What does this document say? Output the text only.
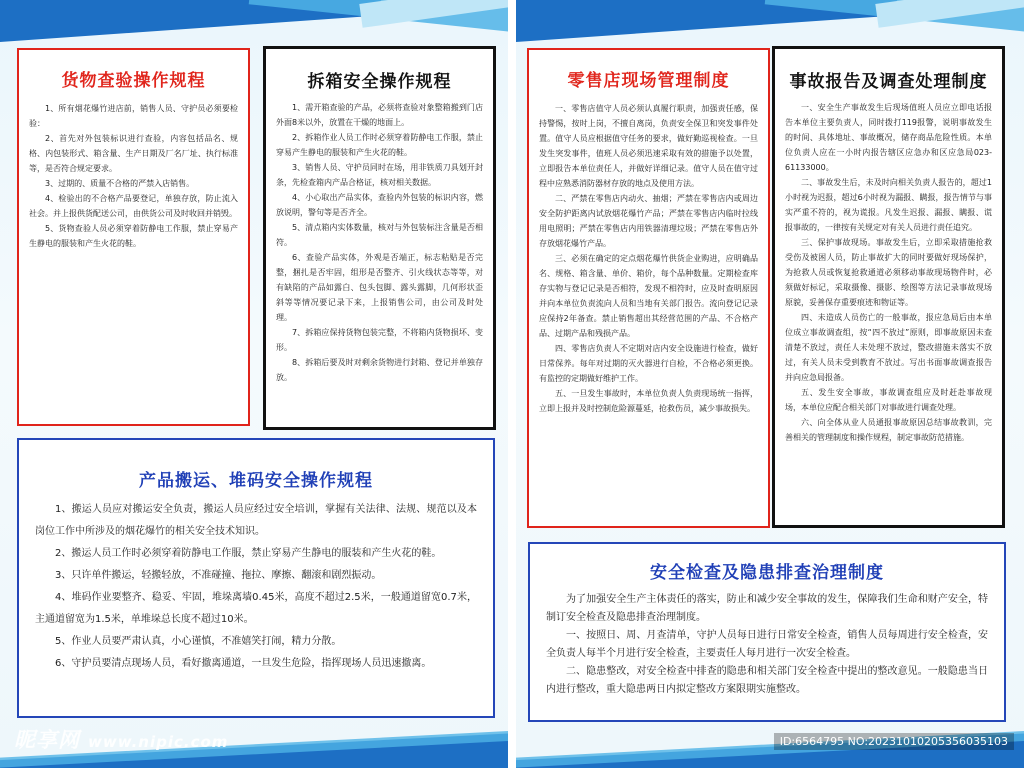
货物查验操作规程

1、所有烟花爆竹进店前，销售人员、守护员必须要检验：

2、首先对外包装标识进行查验，内容包括品名、规格、内包装形式、箱含量、生产日期及厂名厂址、执行标准等，是否符合规定要求。

3、过期的、质量不合格的严禁入店销售。

4、检验出的不合格产品要登记，单独存放，防止流入社会。并上报供货配送公司，由供货公司及时收回并销毁。

5、货物查验人员必须穿着防静电工作服，禁止穿易产生静电的服装和产生火花的鞋。

拆箱安全操作规程

1、需开箱查验的产品，必须将查验对象整箱搬到门店外面8米以外，放置在干燥的地面上。

2、拆箱作业人员工作时必须穿着防静电工作服，禁止穿易产生静电的服装和产生火花的鞋。

3、销售人员、守护员同时在场，用非铁质刀具划开封条，先检查箱内产品合格证，核对相关数据。

4、小心取出产品实体，查验内外包装的标识内容，燃放说明，警句等是否齐全。

5、清点箱内实体数量，核对与外包装标注含量是否相符。

6、查验产品实体，外观是否端正，标志粘贴是否完整，捆扎是否牢固，组形是否整齐、引火线状态等等，对有缺陷的产品如露白、包头包脚、露头露脚，几何形状歪斜等等情况要记录下来，上报销售公司，由公司及时处理。

7、拆箱应保持货物包装完整，不将箱内货物损坏、变形。

8、拆箱后要及时对剩余货物进行封箱、登记并单独存放。

产品搬运、堆码安全操作规程

1、搬运人员应对搬运安全负责，搬运人员应经过安全培训，掌握有关法律、法规、规范以及本岗位工作中所涉及的烟花爆竹的相关安全技术知识。

2、搬运人员工作时必须穿着防静电工作服，禁止穿易产生静电的服装和产生火花的鞋。

3、只许单件搬运，轻搬轻放，不准碰撞、拖拉、摩擦、翻滚和剧烈振动。

4、堆码作业要整齐、稳妥、牢固，堆垛离墙0.45米，高度不超过2.5米，一般通道留宽0.7米，主通道留宽为1.5米，单堆垛总长度不超过10米。

5、作业人员要严肃认真，小心谨慎，不准嬉笑打闹，精力分散。

6、守护员要清点现场人员，看好撤离通道，一旦发生危险，指挥现场人员迅速撤离。

昵享网 www.nipic.com
零售店现场管理制度

一、零售店值守人员必须认真履行职责，加强责任感，保持警惕，按时上岗，不擅自离岗，负责安全保卫和突发事件处置。值守人员应根据值守任务的要求，做好勤巡视检查。一旦发生突发事件，值班人员必须迅速采取有效的措施予以处置，立即报告本单位责任人，并做好详细记录。值守人员在值守过程中应熟悉消防器材存放的地点及使用方法。

二、严禁在零售店内动火、抽烟；严禁在零售店内或周边安全防护距离内试放烟花爆竹产品；严禁在零售店内临时拉线用电照明；严禁在零售店内用铁器清理垃圾；严禁在零售店外存放烟花爆竹产品。

三、必须在确定的定点烟花爆竹供货企业购进，应明确品名、规格、箱含量、单价、箱价，每个品种数量。定期检查库存实物与登记记录是否相符，发现不相符时，应及时查明原因并向本单位负责流向人员和当地有关部门报告。流向登记记录应保持2年备查。禁止销售超出其经营范围的产品、不合格产品、过期产品和残损产品。

四、零售店负责人不定期对店内安全设施进行检查，做好日常保养。每年对过期的灭火器进行自检，不合格必须更换。有监控的定期做好维护工作。

五、一旦发生事故时，本单位负责人负责现场统一指挥，立即上报并及时控制危险源蔓延，抢救伤员，减少事故损失。

事故报告及调查处理制度

一、安全生产事故发生后现场值班人员应立即电话报告本单位主要负责人，同时拨打119报警，说明事故发生的时间、具体地址、事故概况，储存商品危险性质。本单位负责人应在一小时内报告辖区应急办和区应急局023-61133000。

二、事故发生后，未及时向相关负责人报告的，超过1小时视为迟报，超过6小时视为漏报、瞒报，报告情节与事实严重不符的，视为谎报。凡发生迟报、漏报、瞒报、谎报事故的，一律按有关规定对有关人员进行责任追究。

三、保护事故现场。事故发生后，立即采取措施抢救受伤及被困人员，防止事故扩大的同时要做好现场保护，为抢救人员或恢复抢救通道必须移动事故现场物件时，必须做好标记，采取摄像、摄影、绘图等方法记录事故现场原貌，妥善保存重要痕迹和物证等。

四、未造成人员伤亡的一般事故，报应急局后由本单位成立事故调查组，按“四不放过”原则，即事故原因未查清楚不放过，责任人未处理不放过，整改措施未落实不放过，有关人员未受到教育不放过。写出书面事故调查报告并向应急局报备。

五、发生安全事故，事故调查组应及时赶赴事故现场，本单位应配合相关部门对事故进行调查处理。

六、向全体从业人员通报事故原因总结事故教训，完善相关的管理制度和操作规程，制定事故防范措施。

安全检查及隐患排查治理制度

为了加强安全生产主体责任的落实，防止和减少安全事故的发生，保障我们生命和财产安全，特制订安全检查及隐患排查治理制度。

一、按照日、周、月查清单，守护人员每日进行日常安全检查，销售人员每周进行安全检查，安全负责人每半个月进行安全检查，主要责任人每月进行一次安全检查。

二、隐患整改，对安全检查中排查的隐患和相关部门安全检查中提出的整改意见。一般隐患当日内进行整改，重大隐患两日内拟定整改方案限期实施整改。

ID:6564795 NO:20231010205356035103
